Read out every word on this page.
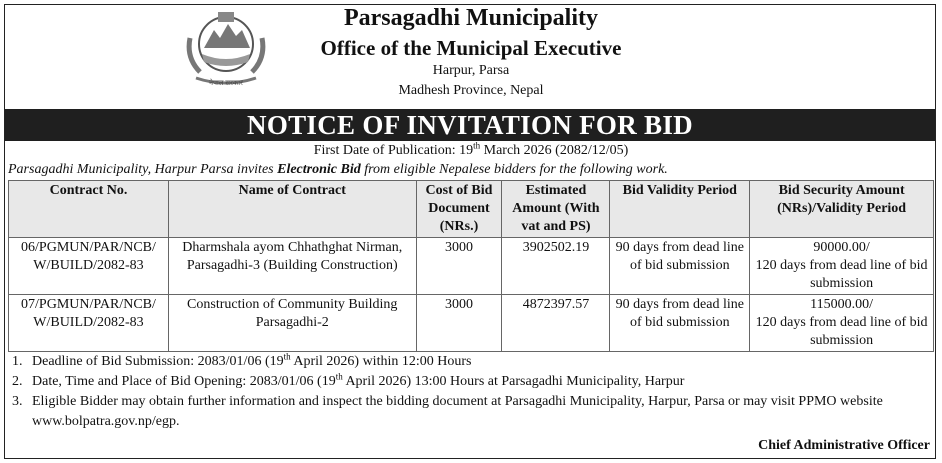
नेपाल सरकार
Parsagadhi Municipality
Office of the Municipal Executive
Harpur, Parsa
Madhesh Province, Nepal
NOTICE OF INVITATION FOR BID
First Date of Publication: 19th March 2026 (2082/12/05)
Parsagadhi Municipality, Harpur Parsa invites Electronic Bid from eligible Nepalese bidders for the following work.
Contract No.	Name of Contract	Cost of Bid Document (NRs.)	Estimated Amount (With vat and PS)	Bid Validity Period	Bid Security Amount (NRs)/Validity Period
06/PGMUN/PAR/NCB/ W/BUILD/2082-83	Dharmshala ayom Chhathghat Nirman, Parsagadhi-3 (Building Construction)	3000	3902502.19	90 days from dead line of bid submission	90000.00/
120 days from dead line of bid submission

07/PGMUN/PAR/NCB/ W/BUILD/2082-83	Construction of Community Building Parsagadhi-2	3000	4872397.57	90 days from dead line of bid submission	115000.00/
120 days from dead line of bid submission
1. Deadline of Bid Submission: 2083/01/06 (19th April 2026) within 12:00 Hours
2. Date, Time and Place of Bid Opening: 2083/01/06 (19th April 2026) 13:00 Hours at Parsagadhi Municipality, Harpur
3. Eligible Bidder may obtain further information and inspect the bidding document at Parsagadhi Municipality, Harpur, Parsa or may visit PPMO website www.bolpatra.gov.np/egp.
Chief Administrative Officer
